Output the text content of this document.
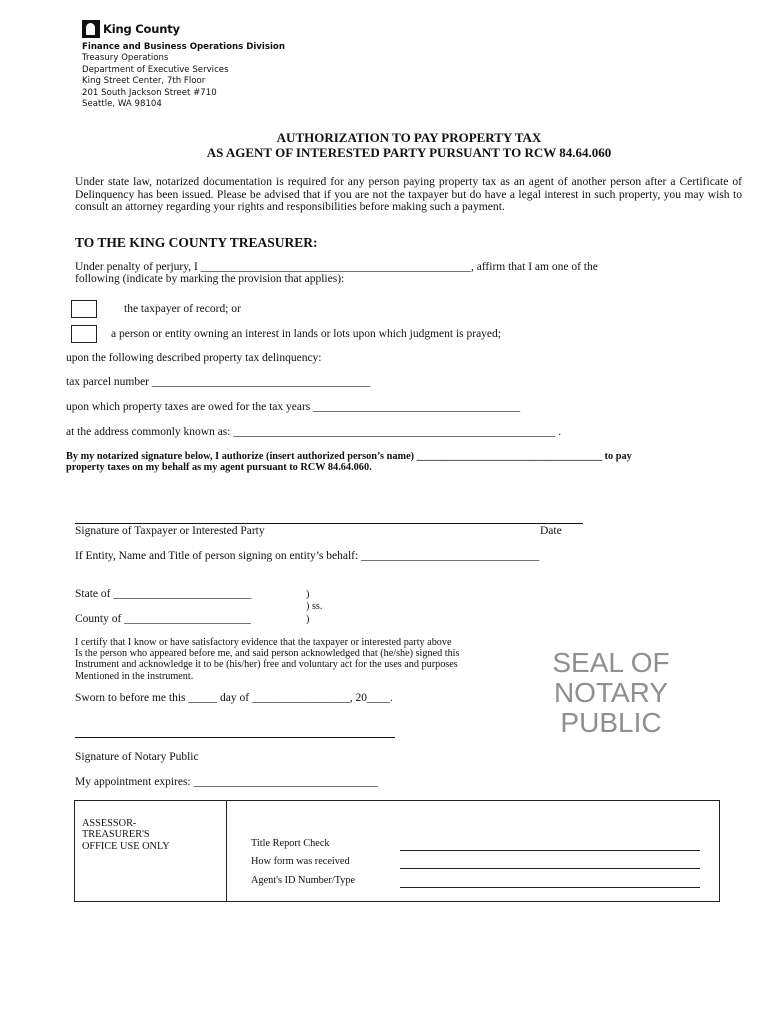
King County
Finance and Business Operations Division
Treasury Operations
Department of Executive Services
King Street Center, 7th Floor
201 South Jackson Street #710
Seattle, WA 98104
AUTHORIZATION TO PAY PROPERTY TAX
AS AGENT OF INTERESTED PARTY PURSUANT TO RCW 84.64.060
Under state law, notarized documentation is required for any person paying property tax as an agent of another person after a Certificate of Delinquency has been issued. Please be advised that if you are not the taxpayer but do have a legal interest in such property, you may wish to consult an attorney regarding your rights and responsibilities before making such a payment.
TO THE KING COUNTY TREASURER:
Under penalty of perjury, I _______________________________________________, affirm that I am one of the
following (indicate by marking the provision that applies):
the taxpayer of record; or
a person or entity owning an interest in lands or lots upon which judgment is prayed;
upon the following described property tax delinquency:
tax parcel number ______________________________________
upon which property taxes are owed for the tax years ____________________________________
at the address commonly known as: ________________________________________________________ .
By my notarized signature below, I authorize (insert authorized person’s name) ____________________________________ to pay
property taxes on my behalf as my agent pursuant to RCW 84.64.060.
Signature of Taxpayer or Interested Party	Date
If Entity, Name and Title of person signing on entity’s behalf: _______________________________
State of ________________________
County of ______________________
)
) ss.
)
I certify that I know or have satisfactory evidence that the taxpayer or interested party above
Is the person who appeared before me, and said person acknowledged that (he/she) signed this
Instrument and acknowledge it to be (his/her) free and voluntary act for the uses and purposes
Mentioned in the instrument.
Sworn to before me this _____ day of _________________, 20____.
SEAL OF
NOTARY
PUBLIC
Signature of Notary Public
My appointment expires: ________________________________
ASSESSOR-
TREASURER'S
OFFICE USE ONLY	Title Report Check
How form was received
Agent's ID Number/Type
